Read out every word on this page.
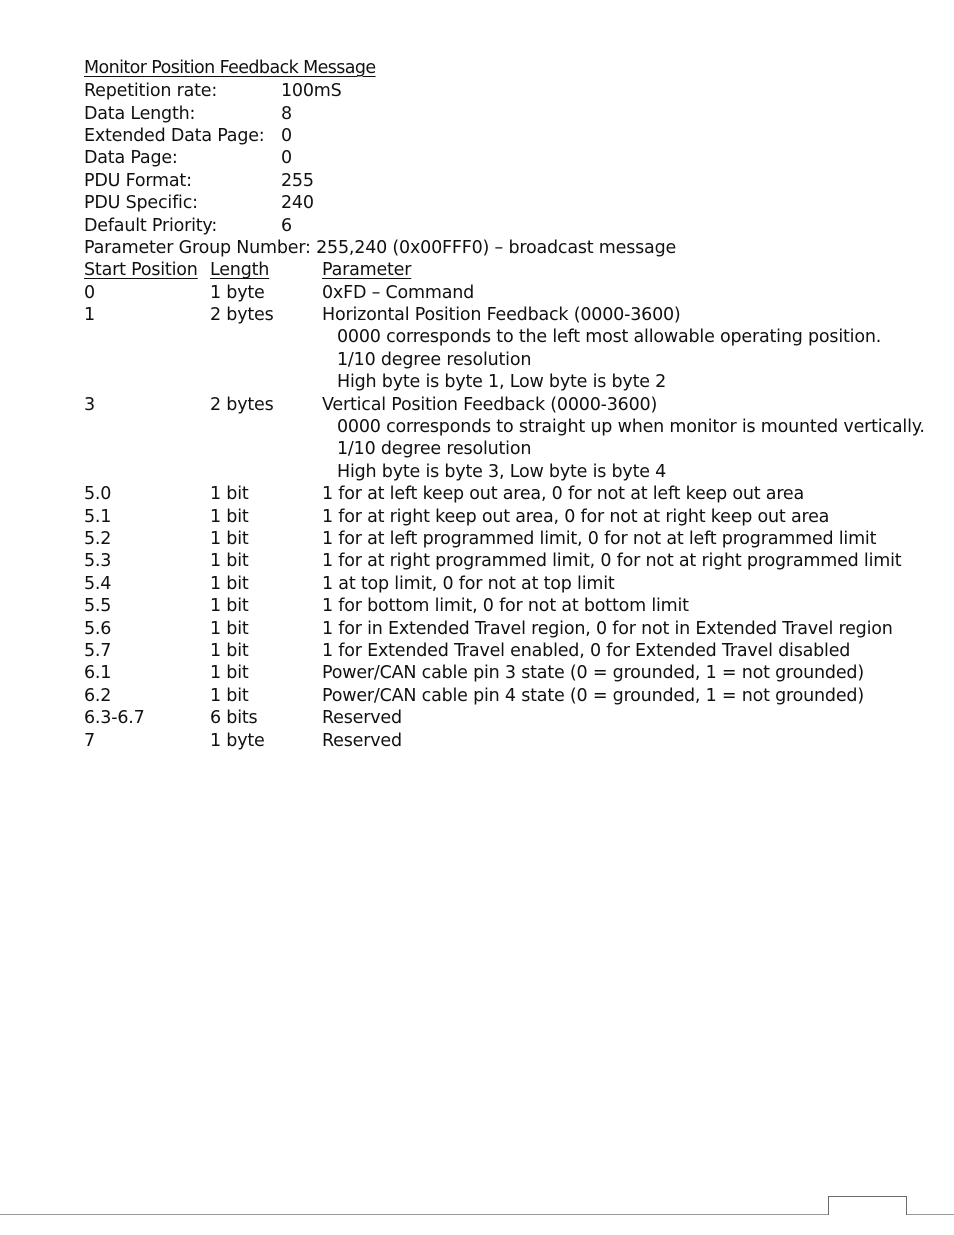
Monitor Position Feedback Message
Repetition rate:	100mS
Data Length:	8
Extended Data Page: 0
Data Page:	0
PDU Format:	255
PDU Specific:	240
Default Priority:	6
Parameter Group Number: 255,240 (0x00FFF0) – broadcast message
Start Position Length	Parameter
0	1 byte	0xFD – Command
1	2 bytes	Horizontal Position Feedback (0000-3600)
0000 corresponds to the left most allowable operating position.
1/10 degree resolution
High byte is byte 1, Low byte is byte 2
3	2 bytes	Vertical Position Feedback (0000-3600)
0000 corresponds to straight up when monitor is mounted vertically.
1/10 degree resolution
High byte is byte 3, Low byte is byte 4
5.0	1 bit	1 for at left keep out area, 0 for not at left keep out area
5.1	1 bit	1 for at right keep out area, 0 for not at right keep out area
5.2	1 bit	1 for at left programmed limit, 0 for not at left programmed limit
5.3	1 bit	1 for at right programmed limit, 0 for not at right programmed limit
5.4	1 bit	1 at top limit, 0 for not at top limit
5.5	1 bit	1 for bottom limit, 0 for not at bottom limit
5.6	1 bit	1 for in Extended Travel region, 0 for not in Extended Travel region
5.7	1 bit	1 for Extended Travel enabled, 0 for Extended Travel disabled
6.1	1 bit	Power/CAN cable pin 3 state (0 = grounded, 1 = not grounded)
6.2	1 bit	Power/CAN cable pin 4 state (0 = grounded, 1 = not grounded)
6.3-6.7	6 bits	Reserved
7	1 byte	Reserved
